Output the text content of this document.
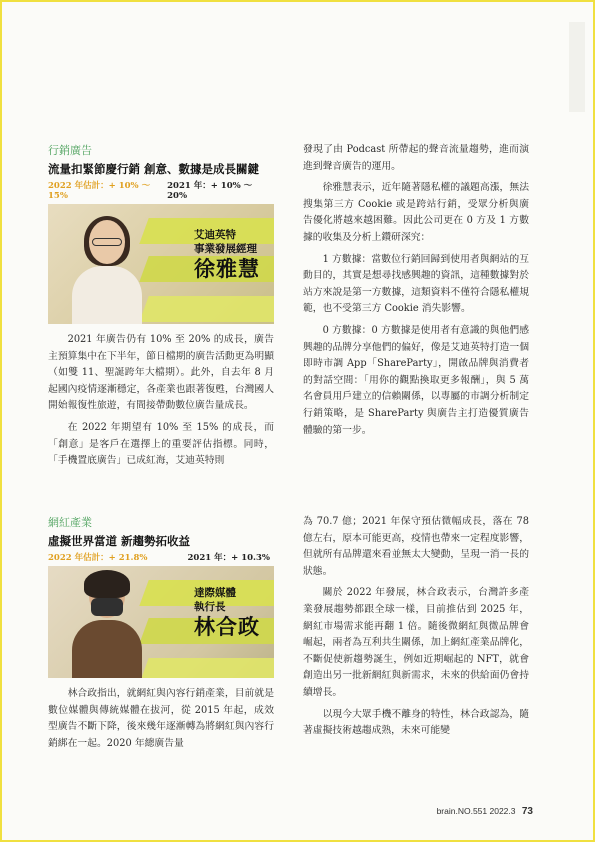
行銷廣告
流量扣緊節慶行銷 創意、數據是成長關鍵
2022 年估計：+ 10% ～ 15%
2021 年：+ 10% ～ 20%
艾迪英特
事業發展經理
徐雅慧

2021 年廣告仍有 10% 至 20% 的成長，廣告主預算集中在下半年，節日檔期的廣告活動更為明顯（如雙 11、聖誕跨年大檔期）。此外，自去年 8 月起國內疫情逐漸穩定，各產業也跟著復甦，台灣國人開始報復性旅遊，有間接帶動數位廣告量成長。

在 2022 年期望有 10% 至 15% 的成長，而「創意」是客戶在選擇上的重要評估指標。同時，「手機置底廣告」已成紅海，艾迪英特則

發現了由 Podcast 所帶起的聲音流量趨勢，進而演進到聲音廣告的運用。

徐雅慧表示，近年隨著隱私權的議題高漲，無法搜集第三方 Cookie 或是跨站行銷，受眾分析與廣告優化將越來越困難。因此公司更在 0 方及 1 方數據的收集及分析上鑽研深究：

1 方數據：當數位行銷回歸到使用者與網站的互動目的，其實是想尋找感興趣的資訊，這種數據對於站方來說是第一方數據，這類資料不僅符合隱私權規範，也不受第三方 Cookie 消失影響。

0 方數據：0 方數據是使用者有意識的與他們感興趣的品牌分享他們的偏好，像是艾迪英特打造一個即時市調 App「ShareParty」，開啟品牌與消費者的對話空間：「用你的觀點換取更多報酬」，與 5 萬名會員用戶建立的信賴關係，以專屬的市調分析制定行銷策略，是 ShareParty 與廣告主打造優質廣告體驗的第一步。

網紅產業
虛擬世界當道 新趨勢拓收益
2022 年估計：+ 21.8%	2021 年：+ 10.3%
達際媒體
執行長
林合政

林合政指出，就網紅與內容行銷產業，目前就是數位媒體與傳統媒體在拔河，從 2015 年起，成效型廣告不斷下降，後來幾年逐漸轉為將網紅與內容行銷綁在一起。2020 年總廣告量

為 70.7 億；2021 年保守預估微幅成長，落在 78 億左右，原本可能更高，疫情也帶來一定程度影響，但就所有品牌還來看並無太大變動，呈現一消一長的狀態。

關於 2022 年發展，林合政表示，台灣許多產業發展趨勢都跟全球一樣，目前推估到 2025 年，網紅市場需求能再翻 1 倍。隨後微網紅與微品牌會崛起，兩者為互利共生關係，加上網紅產業品牌化，不斷促使新趨勢誕生，例如近期崛起的 NFT，就會創造出另一批新網紅與新需求，未來的供給面仍會持續增長。

以現今大眾手機不離身的特性，林合政認為，隨著虛擬技術越趨成熟，未來可能變

brain.NO.551 2022.3 73
